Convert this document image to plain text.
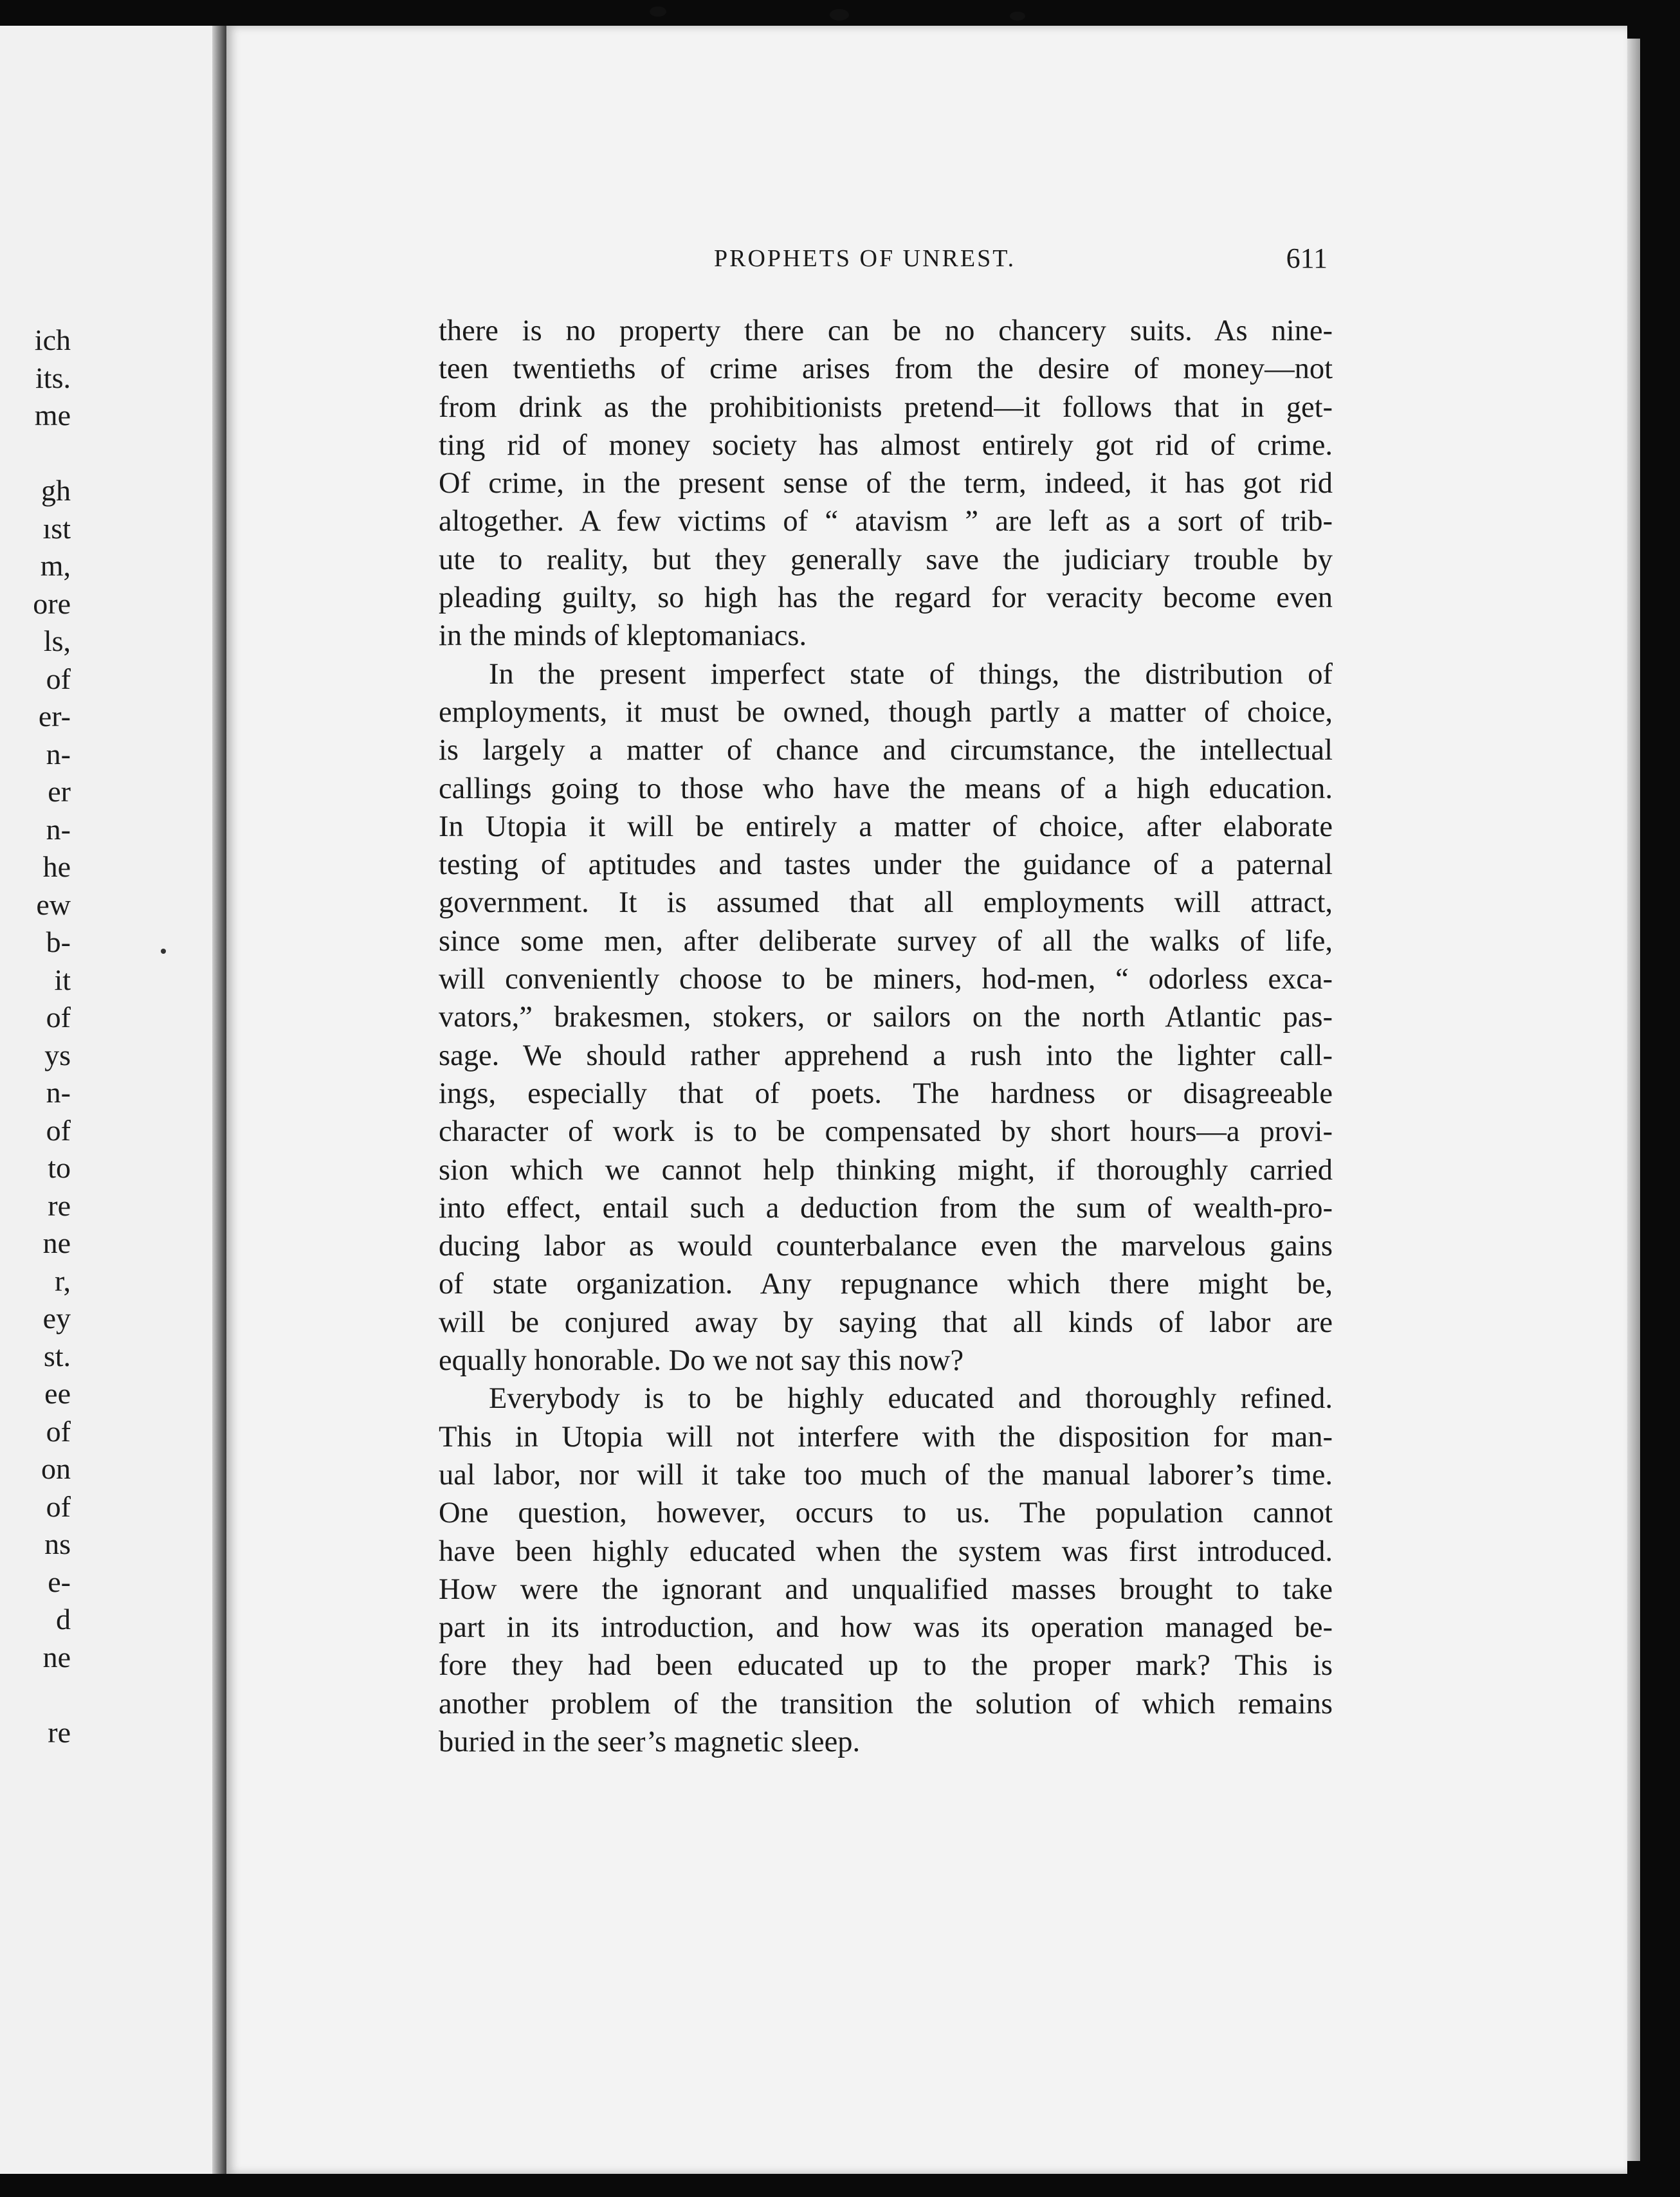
ich
its.
me
gh
ıst
m,
ore
ls,
of
er-
n-
er
n-
he
ew
b-
it
of
ys
n-
of
to
re
ne
r,
ey
st.
ee
of
on
of
ns
e-
d
ne
re
PROPHETS OF UNREST.	611
there is no property there can be no chancery suits. As nine-
teen twentieths of crime arises from the desire of money—not
from drink as the prohibitionists pretend—it follows that in get-
ting rid of money society has almost entirely got rid of crime.
Of crime, in the present sense of the term, indeed, it has got rid
altogether. A few victims of “ atavism ” are left as a sort of trib-
ute to reality, but they generally save the judiciary trouble by
pleading guilty, so high has the regard for veracity become even
in the minds of kleptomaniacs.
In the present imperfect state of things, the distribution of
employments, it must be owned, though partly a matter of choice,
is largely a matter of chance and circumstance, the intellectual
callings going to those who have the means of a high education.
In Utopia it will be entirely a matter of choice, after elaborate
testing of aptitudes and tastes under the guidance of a paternal
government. It is assumed that all employments will attract,
since some men, after deliberate survey of all the walks of life,
will conveniently choose to be miners, hod-men, “ odorless exca-
vators,” brakesmen, stokers, or sailors on the north Atlantic pas-
sage. We should rather apprehend a rush into the lighter call-
ings, especially that of poets. The hardness or disagreeable
character of work is to be compensated by short hours—a provi-
sion which we cannot help thinking might, if thoroughly carried
into effect, entail such a deduction from the sum of wealth-pro-
ducing labor as would counterbalance even the marvelous gains
of state organization. Any repugnance which there might be,
will be conjured away by saying that all kinds of labor are
equally honorable. Do we not say this now?
Everybody is to be highly educated and thoroughly refined.
This in Utopia will not interfere with the disposition for man-
ual labor, nor will it take too much of the manual laborer’s time.
One question, however, occurs to us. The population cannot
have been highly educated when the system was first introduced.
How were the ignorant and unqualified masses brought to take
part in its introduction, and how was its operation managed be-
fore they had been educated up to the proper mark? This is
another problem of the transition the solution of which remains
buried in the seer’s magnetic sleep.
